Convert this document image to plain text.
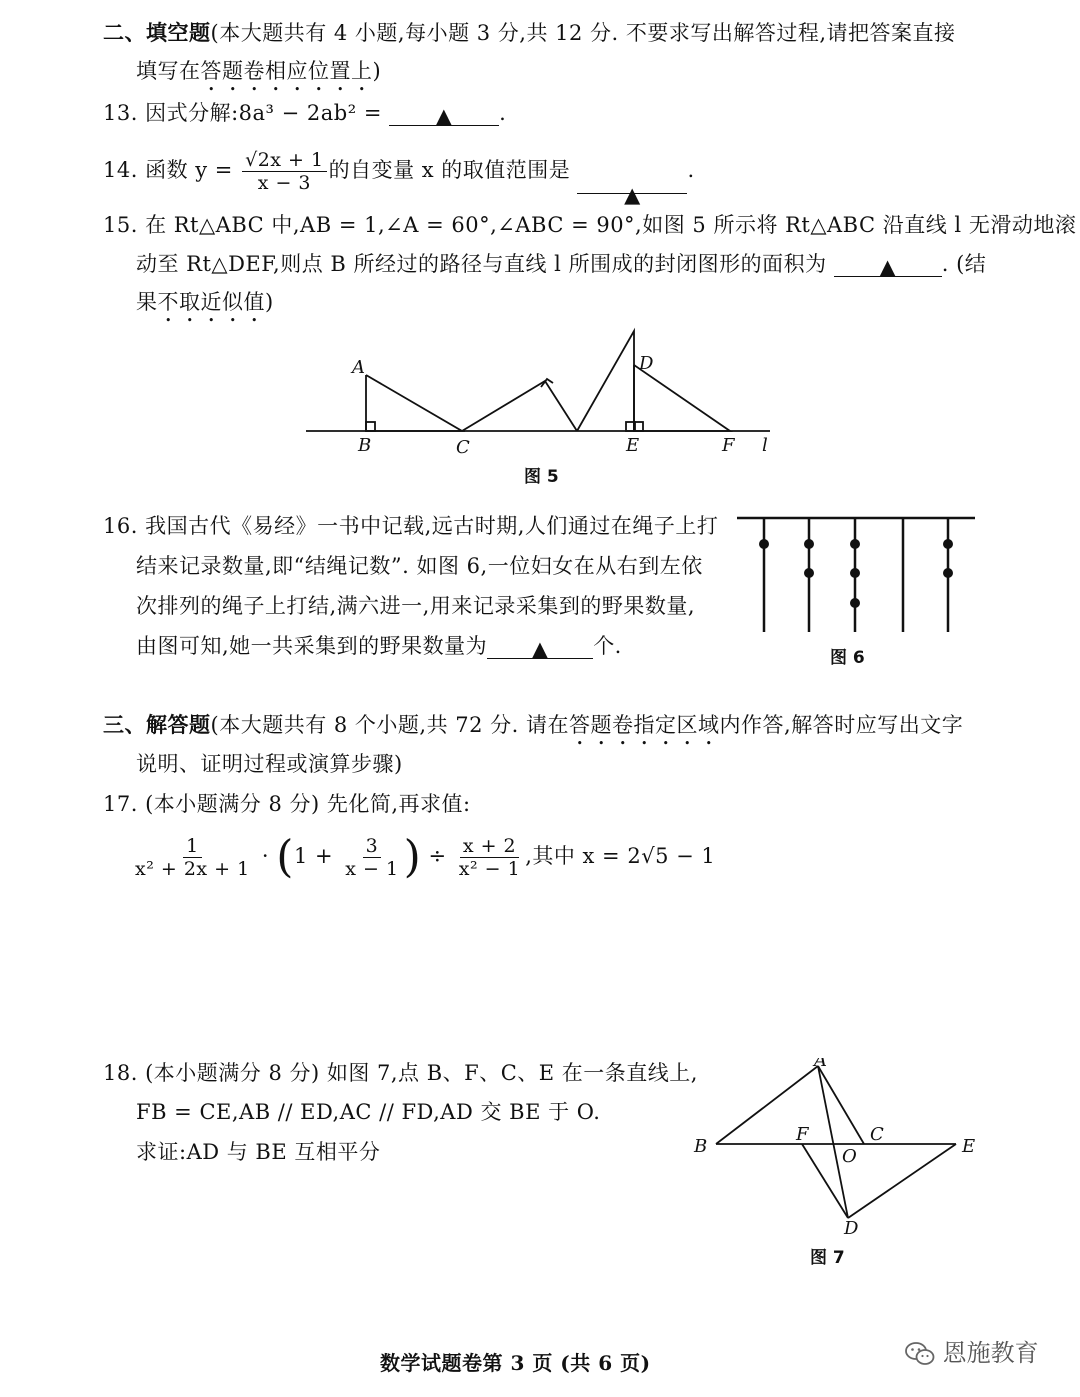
二、填空题(本大题共有 4 小题,每小题 3 分,共 12 分. 不要求写出解答过程,请把答案直接
填写在答题卷相应位置上)
13. 因式分解:8a³ − 2ab² =	▲ .
14. 函数 $y = \frac{√2x + 1}{x - 3}$ 的自变量 x 的取值范围是 ▲.
15. 在 Rt△ABC 中,AB = 1,∠A = 60°,∠ABC = 90°,如图 5 所示将 Rt△ABC 沿直线 l 无滑动地滚
动至 Rt△DEF,则点 B 所经过的路径与直线 l 所围成的封闭图形的面积为	▲ . (结
果不取近似值)
A
B	C
D
E	F l
图 5
16. 我国古代《易经》一书中记载,远古时期,人们通过在绳子上打
结来记录数量,即“结绳记数”. 如图 6,一位妇女在从右到左依
次排列的绳子上打结,满六进一,用来记录采集到的野果数量,
由图可知,她一共采集到的野果数量为 ▲ 个.	图 6
三、解答题(本大题共有 8 个小题,共 72 分. 请在答题卷指定区域内作答,解答时应写出文字
说明、证明过程或演算步骤)
17. (本小题满分 8 分) 先化简,再求值:
$\frac{1}{\text{x² + 2x + 1}} \cdot (1 + \frac{3}{x - 1}$ ) ÷ $\frac{x + 2}{\text{x² − 1}}$ ,其中 x = 2√5 − 1
18. (本小题满分 8 分) 如图 7,点 B、F、C、E 在一条直线上,
FB = CE,AB // ED,AC // FD,AD 交 BE 于 O.
求证:AD 与 BE 互相平分
A
B
F	C
O	E
D
图 7
恩施教育
数学试题卷第 3 页 (共 6 页)
